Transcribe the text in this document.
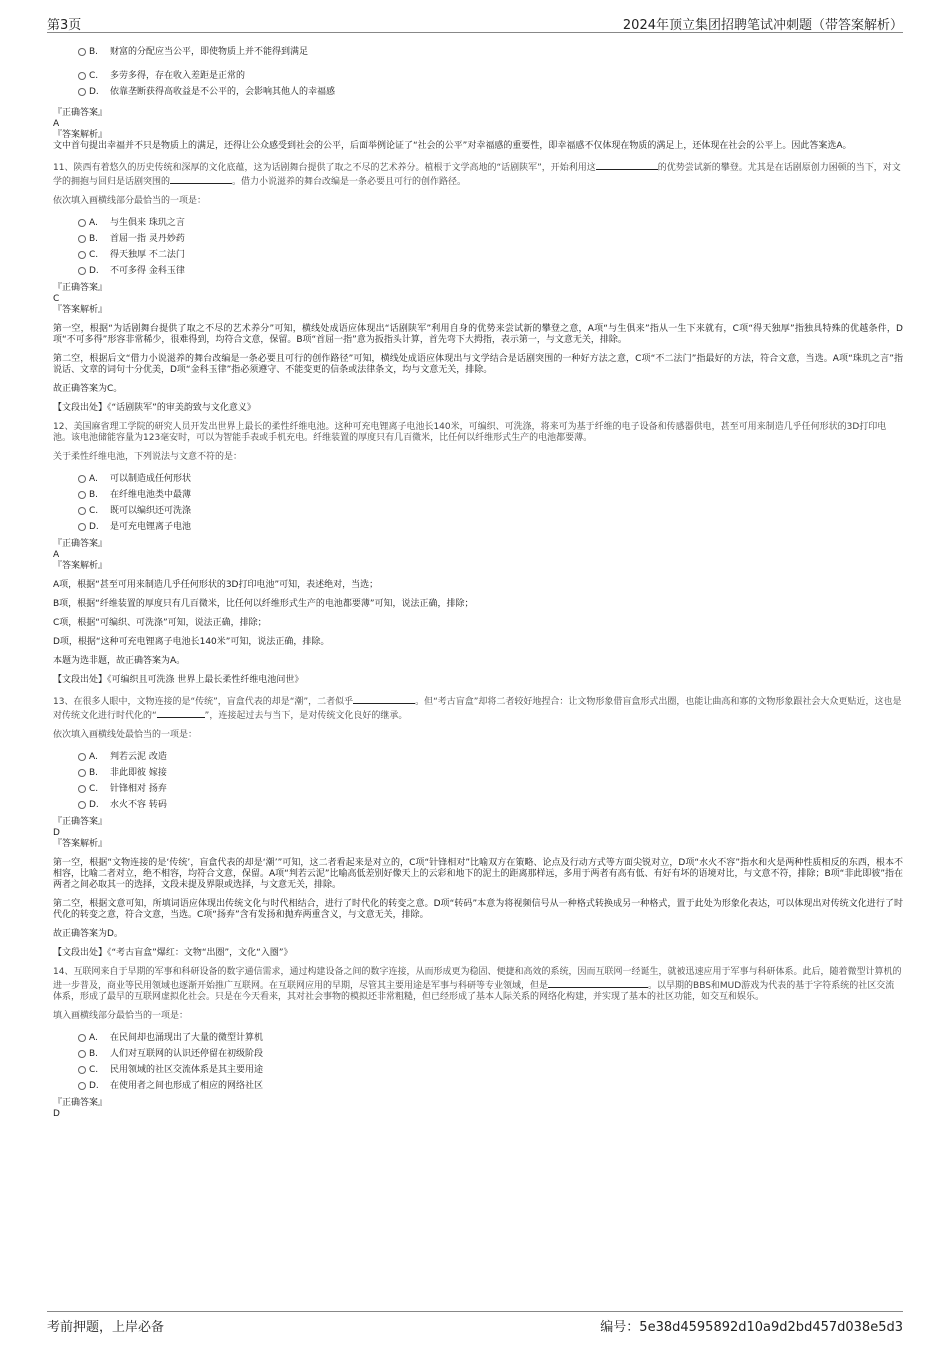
第3页	2024年顶立集团招聘笔试冲刺题（带答案解析）
B. 财富的分配应当公平，即使物质上并不能得到满足
C. 多劳多得，存在收入差距是正常的
D. 依靠垄断获得高收益是不公平的，会影响其他人的幸福感

『正确答案』

A

『答案解析』

文中首句提出幸福并不只是物质上的满足，还得让公众感受到社会的公平，后面举例论证了“社会的公平”对幸福感的重要性，即幸福感不仅体现在物质的满足上，还体现在社会的公平上。因此答案选A。

11、陕西有着悠久的历史传统和深厚的文化底蕴，这为话剧舞台提供了取之不尽的艺术养分。植根于文学高地的“话剧陕军”，开始利用这	的优势尝试新的攀登。尤其是在话剧原创力困顿的当下，对文学的拥抱与回归是话剧突围的	。借力小说滋养的舞台改编是一条必要且可行的创作路径。

依次填入画横线部分最恰当的一项是：

A. 与生俱来 珠玑之言
B. 首屈一指 灵丹妙药
C. 得天独厚 不二法门
D. 不可多得 金科玉律

『正确答案』

C

『答案解析』

第一空，根据“为话剧舞台提供了取之不尽的艺术养分”可知，横线处成语应体现出“话剧陕军”利用自身的优势来尝试新的攀登之意，A项“与生俱来”指从一生下来就有，C项“得天独厚”指独具特殊的优越条件，D项“不可多得”形容非常稀少，很难得到，均符合文意，保留。B项“首屈一指”意为扳指头计算，首先弯下大拇指，表示第一，与文意无关，排除。

第二空，根据后文“借力小说滋养的舞台改编是一条必要且可行的创作路径”可知，横线处成语应体现出与文学结合是话剧突围的一种好方法之意，C项“不二法门”指最好的方法，符合文意，当选。A项“珠玑之言”指说话、文章的词句十分优美，D项“金科玉律”指必须遵守、不能变更的信条或法律条文，均与文意无关，排除。

故正确答案为C。

【文段出处】《“话剧陕军”的审美韵致与文化意义》

12、美国麻省理工学院的研究人员开发出世界上最长的柔性纤维电池。这种可充电锂离子电池长140米，可编织、可洗涤，将来可为基于纤维的电子设备和传感器供电，甚至可用来制造几乎任何形状的3D打印电池。该电池储能容量为123毫安时，可以为智能手表或手机充电。纤维装置的厚度只有几百微米，比任何以纤维形式生产的电池都要薄。

关于柔性纤维电池，下列说法与文意不符的是：

A. 可以制造成任何形状
B. 在纤维电池类中最薄
C. 既可以编织还可洗涤
D. 是可充电锂离子电池

『正确答案』

A

『答案解析』

A项，根据“甚至可用来制造几乎任何形状的3D打印电池”可知，表述绝对，当选；

B项，根据“纤维装置的厚度只有几百微米，比任何以纤维形式生产的电池都要薄”可知，说法正确，排除；

C项，根据“可编织、可洗涤”可知，说法正确，排除；

D项，根据“这种可充电锂离子电池长140米”可知，说法正确，排除。

本题为选非题，故正确答案为A。

【文段出处】《可编织且可洗涤 世界上最长柔性纤维电池问世》

13、在很多人眼中，文物连接的是“传统”，盲盒代表的却是“潮”，二者似乎	。但“考古盲盒”却将二者较好地捏合：让文物形象借盲盒形式出圈，也能让曲高和寡的文物形象跟社会大众更贴近，这也是对传统文化进行时代化的“	”，连接起过去与当下，是对传统文化良好的继承。

依次填入画横线处最恰当的一项是：

A. 判若云泥 改造
B. 非此即彼 嫁接
C. 针锋相对 扬弃
D. 水火不容 转码

『正确答案』

D

『答案解析』

第一空，根据“文物连接的是‘传统’，盲盒代表的却是‘潮’”可知，这二者看起来是对立的，C项“针锋相对”比喻双方在策略、论点及行动方式等方面尖锐对立，D项“水火不容”指水和火是两种性质相反的东西，根本不相容，比喻二者对立，绝不相容，均符合文意，保留。A项“判若云泥”比喻高低差别好像天上的云彩和地下的泥土的距离那样远，多用于两者有高有低、有好有坏的语境对比，与文意不符，排除；B项“非此即彼”指在两者之间必取其一的选择，文段未提及界限或选择，与文意无关，排除。

第二空，根据文意可知，所填词语应体现出传统文化与时代相结合，进行了时代化的转变之意。D项“转码”本意为将视频信号从一种格式转换成另一种格式，置于此处为形象化表达，可以体现出对传统文化进行了时代化的转变之意，符合文意，当选。C项“扬弃”含有发扬和抛弃两重含义，与文意无关，排除。

故正确答案为D。

【文段出处】《“考古盲盒”爆红：文物“出圈”，文化“入圈”》

14、互联网来自于早期的军事和科研设备的数字通信需求，通过构建设备之间的数字连接，从而形成更为稳固、便捷和高效的系统，因而互联网一经诞生，就被迅速应用于军事与科研体系。此后，随着微型计算机的进一步普及，商业等民用领域也逐渐开始推广互联网。在互联网应用的早期，尽管其主要用途是军事与科研等专业领域，但是	。以早期的BBS和MUD游戏为代表的基于字符系统的社区交流体系，形成了最早的互联网虚拟化社会。只是在今天看来，其对社会事物的模拟还非常粗糙，但已经形成了基本人际关系的网络化构建，并实现了基本的社区功能，如交互和娱乐。

填入画横线部分最恰当的一项是：

A. 在民间却也涌现出了大量的微型计算机
B. 人们对互联网的认识还停留在初级阶段
C. 民用领域的社区交流体系是其主要用途
D. 在使用者之间也形成了相应的网络社区

『正确答案』

D

考前押题，上岸必备	编号：5e38d4595892d10a9d2bd457d038e5d3
